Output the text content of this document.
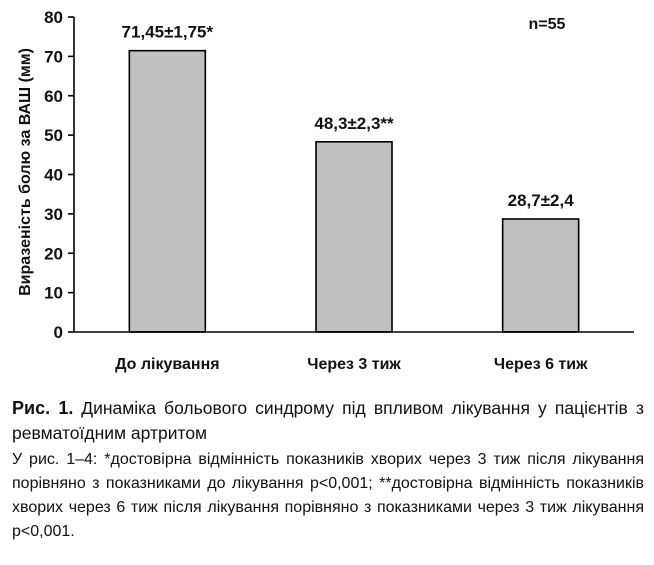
Виразеність болю за ВАШ (мм)
n=55
0
10
20
30
40
50
60
70
80
71,45±1,75*
48,3±2,3**
28,7±2,4
До лікування	Через 3 тиж	Через 6 тиж

Рис. 1. Динаміка больового синдрому під впливом лікування у пацієнтів з ревматоїдним артритом

У рис. 1–4: *достовірна відмінність показників хворих через 3 тиж після лікування порівняно з показниками до лікування p<0,001; **достовірна відмінність показників хворих через 6 тиж після лікування порівняно з показниками через 3 тиж лікування p<0,001.
